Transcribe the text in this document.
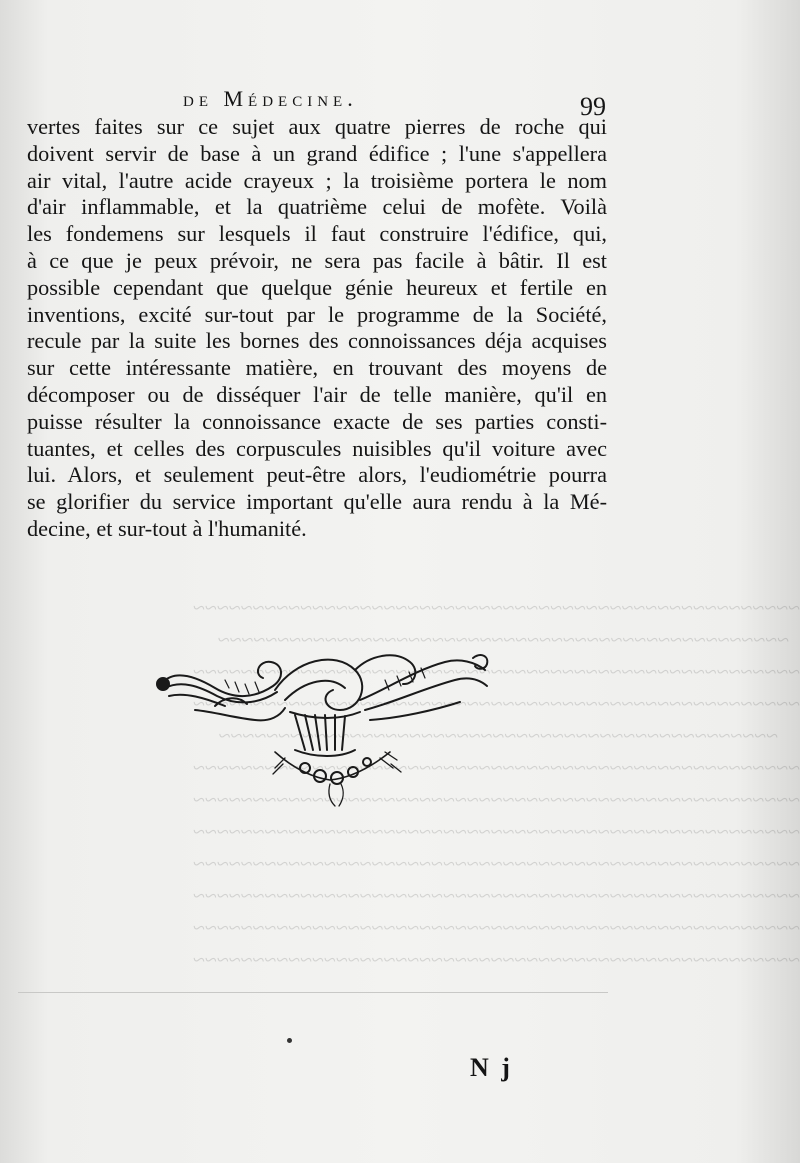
~~~~~~~~~~~~~~~~~~~~~~~~~~~~~~~~~~~~~~~~~~~~~~~~~~~
~~~~~~~~~~~~~~~~~~~~~~~~~~~~~~~~~~~~~~~~~~~~~~~~
~~~~~~~~~~~~~~~~~~~~~~~~~~~~~~~~~~~~~~~~~~~~~~~~~~~
~~~~~~~~~~~~~~~~~~~~~~~~~~~~~~~~~~~~~~~~~~~~~~~~~~~
~~~~~~~~~~~~~~~~~~~~~~~~~~~~~~~~~~~~~~~~~~~~~~~
~~~~~~~~~~~~~~~~~~~~~~~~~~~~~~~~~~~~~~~~~~~~~~~~~~~
~~~~~~~~~~~~~~~~~~~~~~~~~~~~~~~~~~~~~~~~~~~~~~~~~~~
~~~~~~~~~~~~~~~~~~~~~~~~~~~~~~~~~~~~~~~~~~~~~~~~~~~
~~~~~~~~~~~~~~~~~~~~~~~~~~~~~~~~~~~~~~~~~~~~~~~~~~~
~~~~~~~~~~~~~~~~~~~~~~~~~~~~~~~~~~~~~~~~~~~~~~~~~~~
~~~~~~~~~~~~~~~~~~~~~~~~~~~~~~~~~~~~~~~~~~~~~~~~~~~
~~~~~~~~~~~~~~~~~~~~~~~~~~~~~~~~~~~~~~~~~~~~~~~~~~~

de Médecine.	99
vertes faites sur ce sujet aux quatre pierres de roche qui
doivent servir de base à un grand édifice ; l'une s'appellera
air vital, l'autre acide crayeux ; la troisième portera le nom
d'air inflammable, et la quatrième celui de mofète. Voilà
les fondemens sur lesquels il faut construire l'édifice, qui,
à ce que je peux prévoir, ne sera pas facile à bâtir. Il est
possible cependant que quelque génie heureux et fertile en
inventions, excité sur-tout par le programme de la Société,
recule par la suite les bornes des connoissances déja acquises
sur cette intéressante matière, en trouvant des moyens de
décomposer ou de disséquer l'air de telle manière, qu'il en
puisse résulter la connoissance exacte de ses parties consti-
tuantes, et celles des corpuscules nuisibles qu'il voiture avec
lui. Alors, et seulement peut-être alors, l'eudiométrie pourra
se glorifier du service important qu'elle aura rendu à la Mé-
decine, et sur-tout à l'humanité.
N j
